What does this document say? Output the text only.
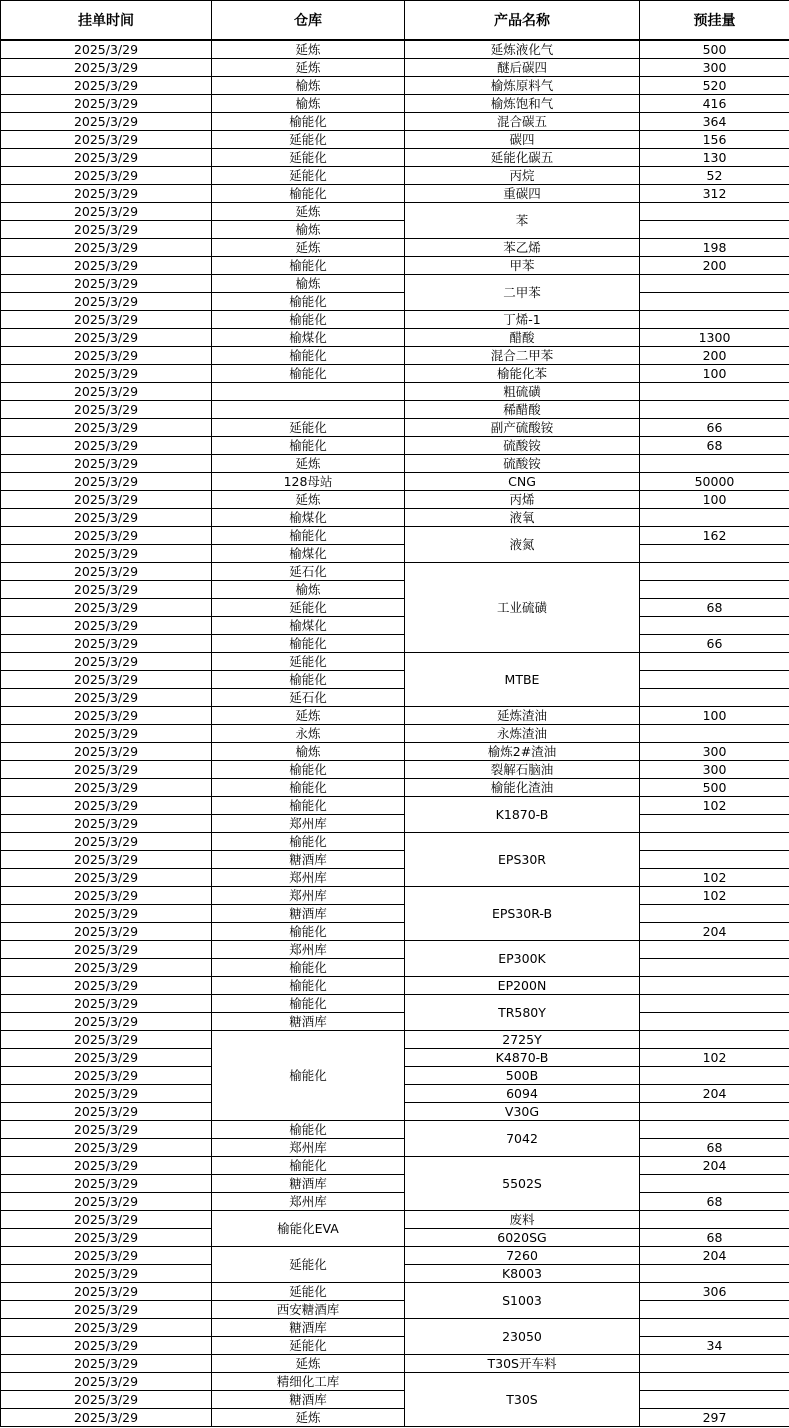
挂单时间	仓库	产品名称	预挂量
2025/3/29	延炼	延炼液化气	500
2025/3/29	延炼	醚后碳四	300
2025/3/29	榆炼	榆炼原料气	520
2025/3/29	榆炼	榆炼饱和气	416
2025/3/29	榆能化	混合碳五	364
2025/3/29	延能化	碳四	156
2025/3/29	延能化	延能化碳五	130
2025/3/29	延能化	丙烷	52
2025/3/29	榆能化	重碳四	312
2025/3/29	延炼	苯	
2025/3/29	榆炼		
2025/3/29	延炼	苯乙烯	198
2025/3/29	榆能化	甲苯	200
2025/3/29	榆炼	二甲苯	
2025/3/29	榆能化		
2025/3/29	榆能化	丁烯-1	
2025/3/29	榆煤化	醋酸	1300
2025/3/29	榆能化	混合二甲苯	200
2025/3/29	榆能化	榆能化苯	100
2025/3/29		粗硫磺	
2025/3/29		稀醋酸	
2025/3/29	延能化	副产硫酸铵	66
2025/3/29	榆能化	硫酸铵	68
2025/3/29	延炼	硫酸铵	
2025/3/29	128母站	CNG	50000
2025/3/29	延炼	丙烯	100
2025/3/29	榆煤化	液氧	
2025/3/29	榆能化	液氮	162
2025/3/29	榆煤化		
2025/3/29	延石化	工业硫磺	
2025/3/29	榆炼		
2025/3/29	延能化		68
2025/3/29	榆煤化		
2025/3/29	榆能化		66
2025/3/29	延能化	MTBE	
2025/3/29	榆能化		
2025/3/29	延石化		
2025/3/29	延炼	延炼渣油	100
2025/3/29	永炼	永炼渣油	
2025/3/29	榆炼	榆炼2#渣油	300
2025/3/29	榆能化	裂解石脑油	300
2025/3/29	榆能化	榆能化渣油	500
2025/3/29	榆能化	K1870-B	102
2025/3/29	郑州库		
2025/3/29	榆能化	EPS30R	
2025/3/29	糖酒库		
2025/3/29	郑州库		102
2025/3/29	郑州库	EPS30R-B	102
2025/3/29	糖酒库		
2025/3/29	榆能化		204
2025/3/29	郑州库	EP300K	
2025/3/29	榆能化		
2025/3/29	榆能化	EP200N	
2025/3/29	榆能化	TR580Y	
2025/3/29	糖酒库		
2025/3/29	榆能化	2725Y	
2025/3/29		K4870-B	102
2025/3/29		500B	
2025/3/29		6094	204
2025/3/29		V30G	
2025/3/29	榆能化	7042	
2025/3/29	郑州库		68
2025/3/29	榆能化	5502S	204
2025/3/29	糖酒库		
2025/3/29	郑州库		68
2025/3/29	榆能化EVA	废料	
2025/3/29		6020SG	68
2025/3/29	延能化	7260	204
2025/3/29		K8003	
2025/3/29	延能化	S1003	306
2025/3/29	西安糖酒库		
2025/3/29	糖酒库	23050	
2025/3/29	延能化		34
2025/3/29	延炼	T30S开车料	
2025/3/29	精细化工库	T30S	
2025/3/29	糖酒库		
2025/3/29	延炼		297
